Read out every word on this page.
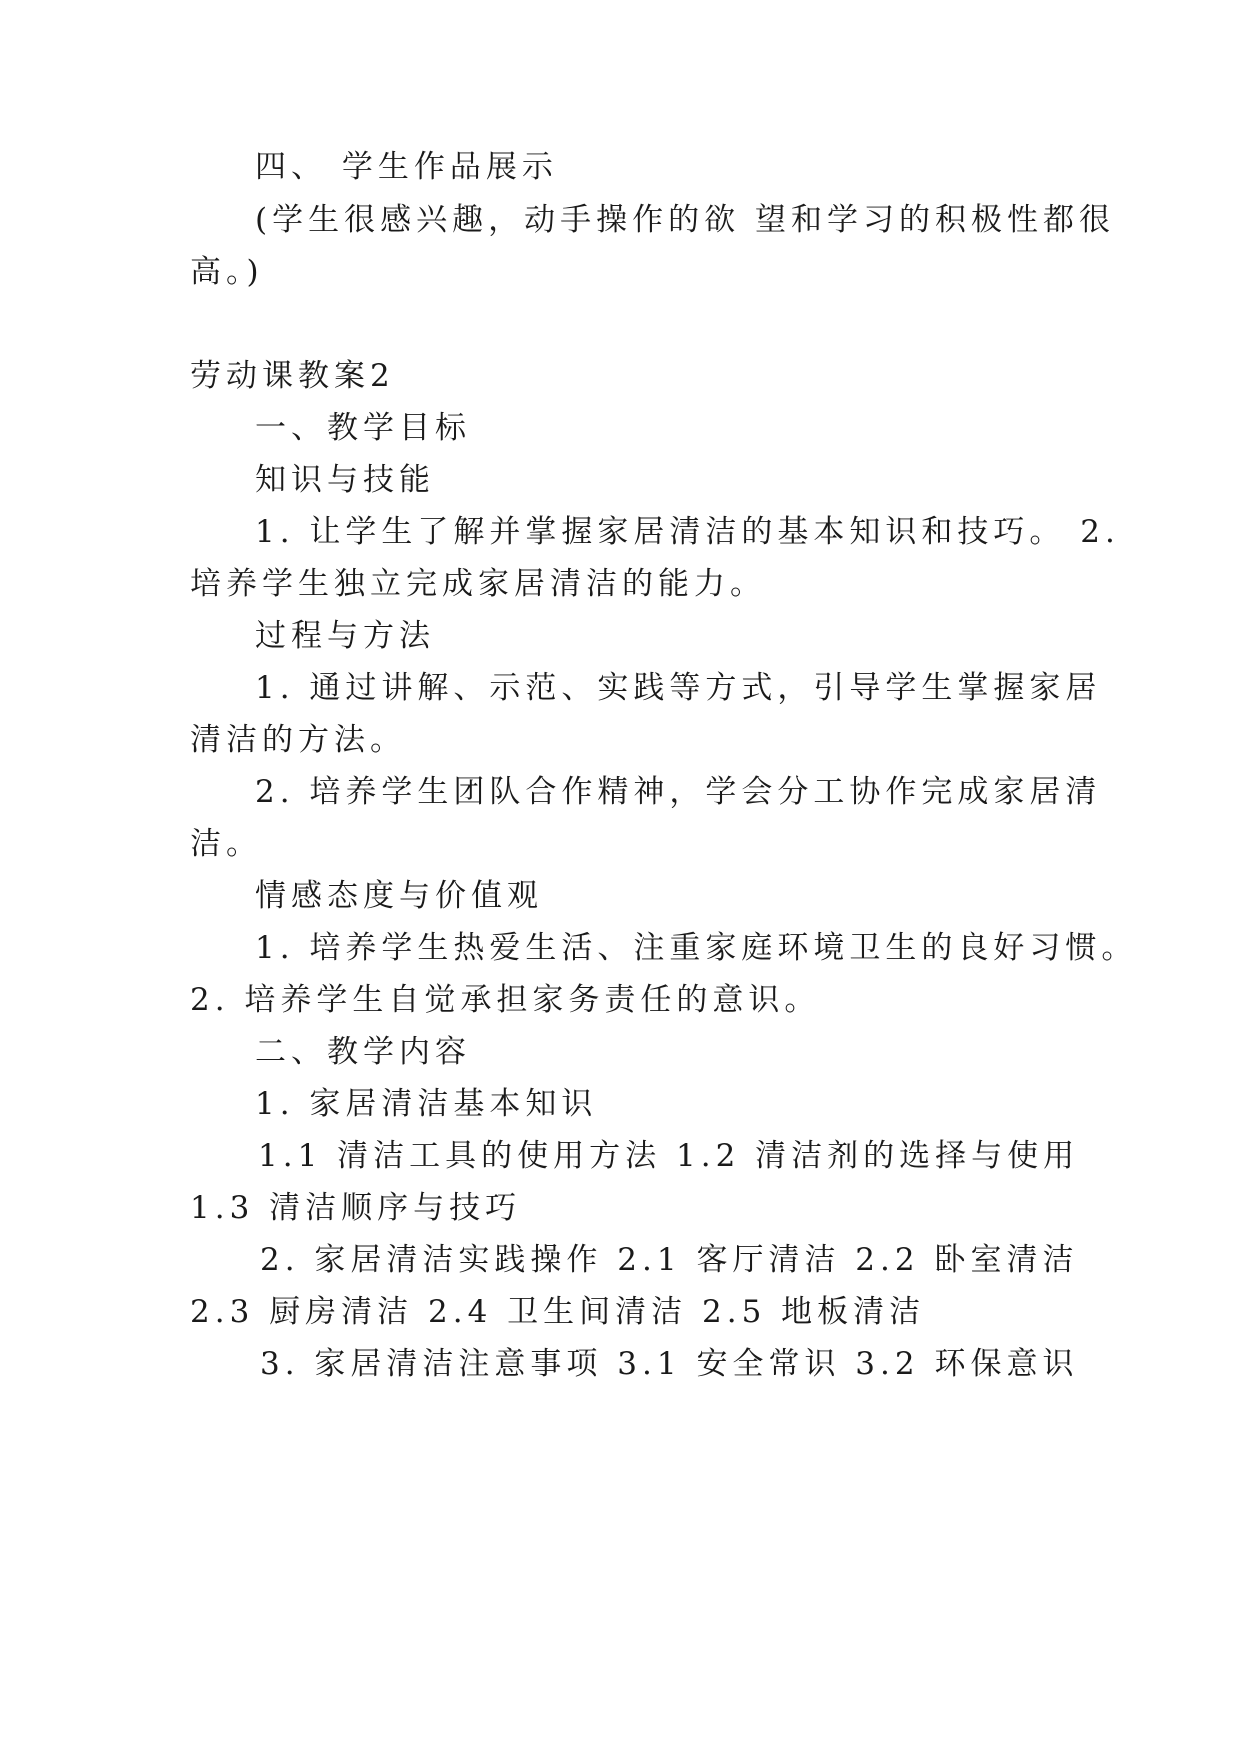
四、 学生作品展示
(学生很感兴趣，动手操作的欲 望和学习的积极性都很
高。)
劳动课教案2
一、教学目标
知识与技能
1. 让学生了解并掌握家居清洁的基本知识和技巧。 2.
培养学生独立完成家居清洁的能力。
过程与方法
1. 通过讲解、示范、实践等方式，引导学生掌握家居
清洁的方法。
2. 培养学生团队合作精神，学会分工协作完成家居清
洁。
情感态度与价值观
1. 培养学生热爱生活、注重家庭环境卫生的良好习惯。
2. 培养学生自觉承担家务责任的意识。
二、教学内容
1. 家居清洁基本知识
1.1 清洁工具的使用方法 1.2 清洁剂的选择与使用
1.3 清洁顺序与技巧
2. 家居清洁实践操作 2.1 客厅清洁 2.2 卧室清洁
2.3 厨房清洁 2.4 卫生间清洁 2.5 地板清洁
3. 家居清洁注意事项 3.1 安全常识 3.2 环保意识
